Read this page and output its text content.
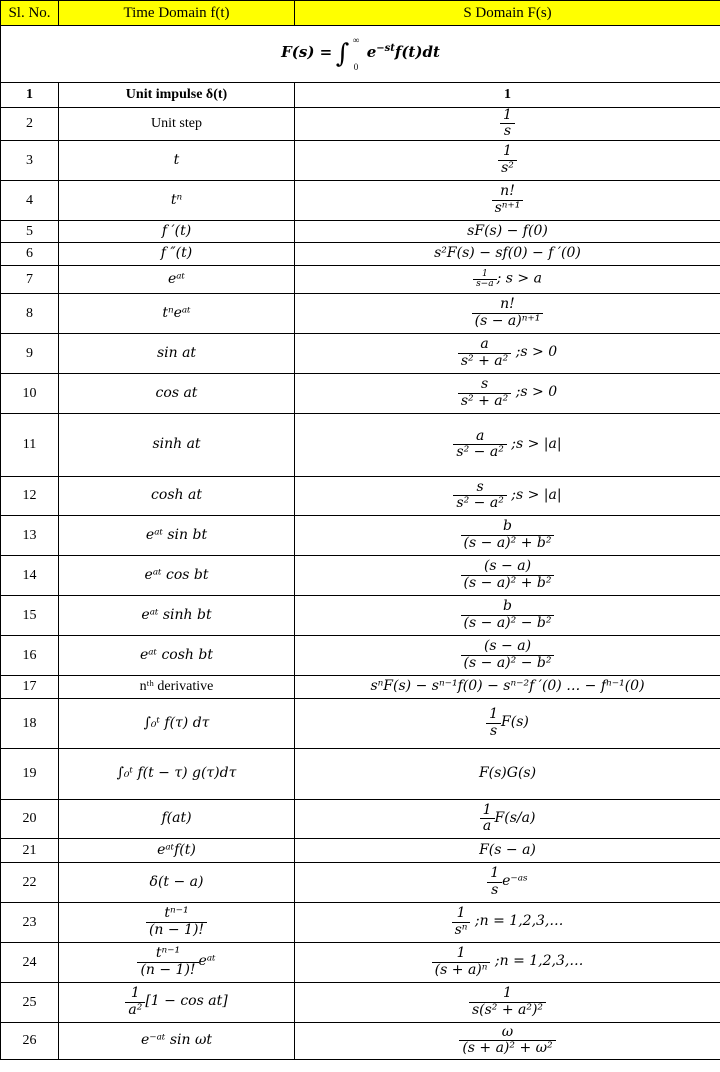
Sl. No.	Time Domain f(t)	S Domain F(s)
F(s) = ∫ ∞
0
$e^{-st}f(t)dt$		
1	Unit impulse δ(t)	1
2	Unit step	$\frac{1}{s}$

3	t	$\frac{1}{\text{s²}}$

4	tⁿ	$\frac{n!}{\text{sⁿ⁺¹}}$

5	f ′(t)	sF(s) − f(0)
6	f ″(t)	s²F(s) − sf(0) − f ′(0)
7	eᵃᵗ	$\frac{1}{s-a}$ ; s > a
8	tⁿeᵃᵗ	$\frac{n!}{\text{(s − a)ⁿ⁺¹}}$

9	sin at	$\frac{a}{\text{s² + a²}}$ ;s > 0
10	cos at	$\frac{s}{\text{s² + a²}}$ ;s > 0
11	sinh at	$\frac{a}{\text{s² − a²}}$ ;s > |a|
12	cosh at	$\frac{s}{\text{s² − a²}}$ ;s > |a|
13	eᵃᵗ sin bt	$\frac{b}{\text{(s − a)² + b²}}$

14	eᵃᵗ cos bt	$\frac{(s - a)}{\text{(s − a)² + b²}}$

15	eᵃᵗ sinh bt	$\frac{b}{\text{(s − a)² − b²}}$

16	eᵃᵗ cosh bt	$\frac{(s - a)}{\text{(s − a)² − b²}}$

17	nᵗʰ derivative	sⁿF(s) − sⁿ⁻¹f(0) − sⁿ⁻²f ′(0) … − fⁿ⁻¹(0)
18	∫₀ᵗ f(τ) dτ	$\frac{1}{s} F(s)$
19	∫₀ᵗ f(t − τ) g(τ)dτ	F(s)G(s)
20	f(at)	$\frac{1}{a} F(s/a)$
21	eᵃᵗf(t)	F(s − a)
22	δ(t − a)	$\frac{1}{s}$ e⁻ᵃˢ
23	$\frac{\text{tⁿ⁻¹}}{(n - 1)!}$	$\frac{1}{\text{sⁿ}}$ ;n = 1,2,3,…
24	$\frac{\text{tⁿ⁻¹}}{(n - 1)!}$ eᵃᵗ	$\frac{1}{\text{(s + a)ⁿ}}$ ;n = 1,2,3,…
25	$\frac{1}{\text{a²}} [1 - \cos at]$	$\frac{1}{\text{s(s² + a²)²}}$

26	e⁻ᵃᵗ sin ωt	$\frac{\omega}{\text{(s + a)² + ω²}}$
